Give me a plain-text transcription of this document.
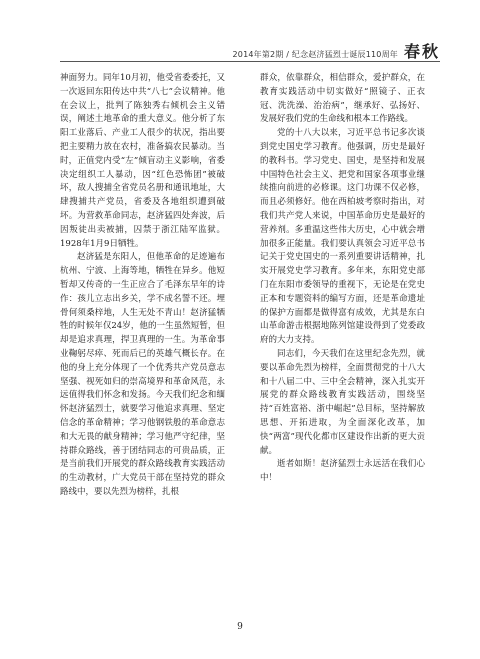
2014年第2期 / 纪念赵济猛烈士诞辰110周年 春秋

神面努力。同年10月初，他受省委委托，又一次返回东阳传达中共“八七”会议精神。他在会议上，批判了陈独秀右倾机会主义错误，阐述土地革命的重大意义。他分析了东阳工业落后、产业工人很少的状况，指出要把主要精力放在农村，准备搞农民暴动。当时，正值党内受“左”倾盲动主义影响，省委决定组织工人暴动，因“红色恐怖团”被破坏，敌人搜捕全省党员名册和通讯地址，大肆搜捕共产党员，省委及各地组织遭到破坏。为营救革命同志，赵济猛四处奔波，后因叛徒出卖被捕，囚禁于浙江陆军监狱。1928年1月9日牺牲。

赵济猛是东阳人，但他革命的足迹遍布杭州、宁波、上海等地，牺牲在异乡。他短暂却又传奇的一生正应合了毛泽东早年的诗作：孩儿立志出乡关，学不成名誓不还。埋骨何须桑梓地，人生无处不青山！赵济猛牺牲的时候年仅24岁，他的一生虽然短暂，但却是追求真理，捍卫真理的一生。为革命事业鞠躬尽瘁、死而后已的英雄气概长存。在他的身上充分体现了一个优秀共产党员意志坚强、视死如归的崇高境界和革命风范，永远值得我们怀念和发扬。今天我们纪念和缅怀赵济猛烈士，就要学习他追求真理、坚定信念的革命精神；学习他钢铁般的革命意志和大无畏的献身精神；学习他严守纪律，坚持群众路线，善于团结同志的可贵品质，正是当前我们开展党的群众路线教育实践活动的生动教材，广大党员干部在坚持党的群众路线中，要以先烈为榜样，扎根

群众，依靠群众，相信群众，爱护群众，在教育实践活动中切实做好“照镜子、正衣冠、洗洗澡、治治病”，继承好、弘扬好、发展好我们党的生命线和根本工作路线。

党的十八大以来，习近平总书记多次谈到党史国史学习教育。他强调，历史是最好的教科书。学习党史、国史，是坚持和发展中国特色社会主义、把党和国家各项事业继续推向前进的必修课。这门功课不仅必修，而且必须修好。他在西柏坡考察时指出，对我们共产党人来说，中国革命历史是最好的营养剂。多重温这些伟大历史，心中就会增加很多正能量。我们要认真领会习近平总书记关于党史国史的一系列重要讲话精神，扎实开展党史学习教育。多年来，东阳党史部门在东阳市委领导的重视下，无论是在党史正本和专题资料的编写方面，还是革命遗址的保护方面都是做得富有成效，尤其是东白山革命游击根据地陈列馆建设得到了党委政府的大力支持。

同志们，今天我们在这里纪念先烈，就要以革命先烈为榜样，全面贯彻党的十八大和十八届二中、三中全会精神，深入扎实开展党的群众路线教育实践活动，围绕坚持“百姓富裕、浙中崛起”总目标，坚持解放思想、开拓进取，为全面深化改革，加快“两富”现代化都市区建设作出新的更大贡献。

逝者如斯！赵济猛烈士永远活在我们心中！

9
